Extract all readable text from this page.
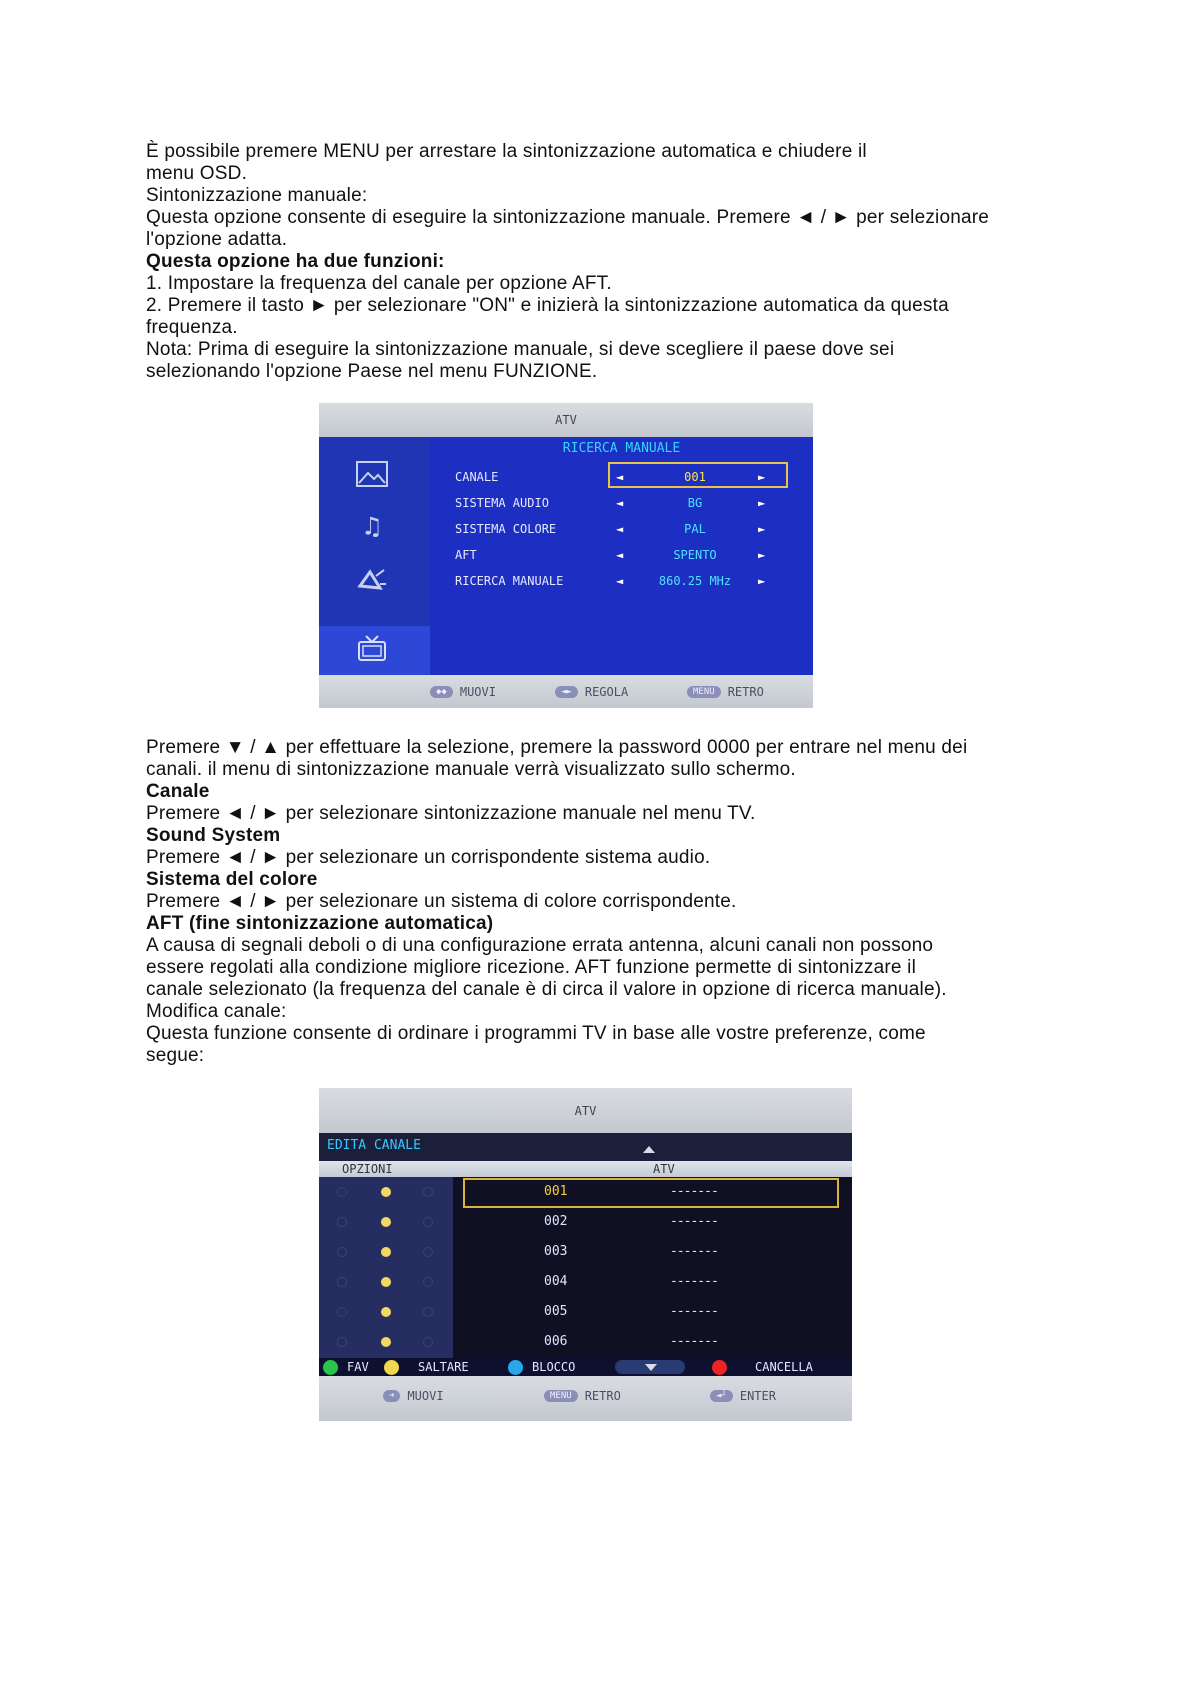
È possibile premere MENU per arrestare la sintonizzazione automatica e chiudere il

menu OSD.

Sintonizzazione manuale:

Questa opzione consente di eseguire la sintonizzazione manuale. Premere ◄ / ► per selezionare

l'opzione adatta.

Questa opzione ha due funzioni:

1. Impostare la frequenza del canale per opzione AFT.

2. Premere il tasto ► per selezionare "ON" e inizierà la sintonizzazione automatica da questa

frequenza.

Nota: Prima di eseguire la sintonizzazione manuale, si deve scegliere il paese dove sei

selezionando l'opzione Paese nel menu FUNZIONE.

ATV
♫
RICERCA MANUALE
CANALE	◄	001	►
SISTEMA AUDIO	◄	BG	►
SISTEMA COLORE	◄	PAL	►
AFT	◄	SPENTO	►
RICERCA MANUALE	◄	860.25 MHz	►
◆◆	MUOVI	◄►	REGOLA	MENU	RETRO

Premere ▼ / ▲ per effettuare la selezione, premere la password 0000 per entrare nel menu dei

canali. il menu di sintonizzazione manuale verrà visualizzato sullo schermo.

Canale

Premere ◄ / ► per selezionare sintonizzazione manuale nel menu TV.

Sound System

Premere ◄ / ► per selezionare un corrispondente sistema audio.

Sistema del colore

Premere ◄ / ► per selezionare un sistema di colore corrispondente.

AFT (fine sintonizzazione automatica)

A causa di segnali deboli o di una configurazione errata antenna, alcuni canali non possono

essere regolati alla condizione migliore ricezione. AFT funzione permette di sintonizzare il

canale selezionato (la frequenza del canale è di circa il valore in opzione di ricerca manuale).

Modifica canale:

Questa funzione consente di ordinare i programmi TV in base alle vostre preferenze, come

segue:

ATV
EDITA CANALE
OPZIONI	ATV
001	-------
002	-------
003	-------
004	-------
005	-------
006	-------
FAV	SALTARE	BLOCCO	CANCELLA
➜	MUOVI	MENU	RETRO	◄┘	ENTER
